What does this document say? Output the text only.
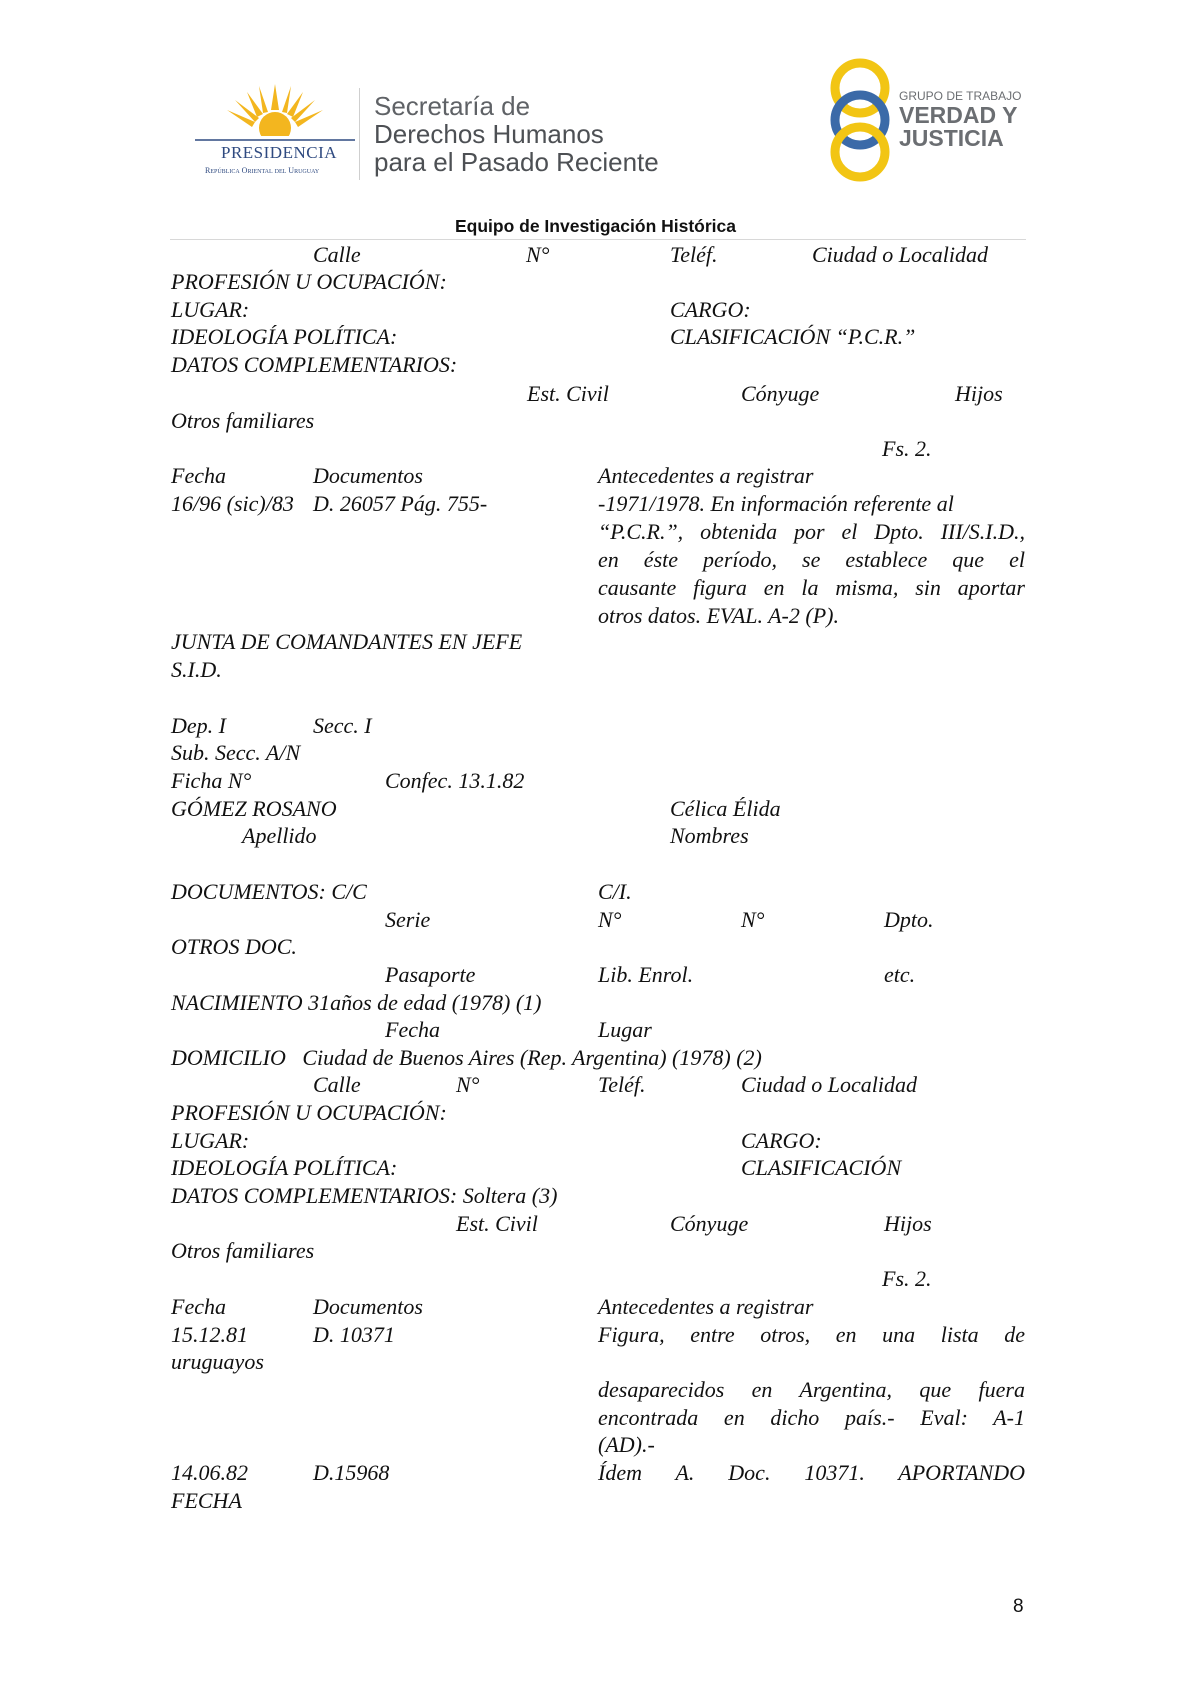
PRESIDENCIA
República Oriental del Uruguay
Secretaría de
Derechos Humanos
para el Pasado Reciente
GRUPO DE TRABAJO
VERDAD Y
JUSTICIA
Equipo de Investigación Histórica
Calle	N°	Teléf.	Ciudad o Localidad
PROFESIÓN U OCUPACIÓN:
LUGAR:	CARGO:
IDEOLOGÍA POLÍTICA:	CLASIFICACIÓN “P.C.R.”
DATOS COMPLEMENTARIOS:
Est. Civil	Cónyuge	Hijos
Otros familiares
Fs. 2.
Fecha	Documentos	Antecedentes a registrar
16/96 (sic)/83 D. 26057 Pág. 755-	-1971/1978. En información referente al
“P.C.R.”, obtenida por el Dpto. III/S.I.D.,
en éste período, se establece que el
causante figura en la misma, sin aportar
otros datos. EVAL. A-2 (P).
JUNTA DE COMANDANTES EN JEFE
S.I.D.
Dep. I	Secc. I
Sub. Secc. A/N
Ficha N°	Confec. 13.1.82
GÓMEZ ROSANO	Célica Élida
Apellido	Nombres
DOCUMENTOS: C/C	C/I.
Serie	N°	N°	Dpto.
OTROS DOC.
Pasaporte	Lib. Enrol.	etc.
NACIMIENTO 31años de edad (1978) (1)
Fecha	Lugar
DOMICILIO   Ciudad de Buenos Aires (Rep. Argentina) (1978) (2)
Calle	N°	Teléf.	Ciudad o Localidad
PROFESIÓN U OCUPACIÓN:
LUGAR:	CARGO:
IDEOLOGÍA POLÍTICA:	CLASIFICACIÓN
DATOS COMPLEMENTARIOS: Soltera (3)
Est. Civil	Cónyuge	Hijos
Otros familiares
Fs. 2.
Fecha	Documentos	Antecedentes a registrar
15.12.81	D. 10371	Figura, entre otros, en una lista de
uruguayos
desaparecidos en Argentina, que fuera
encontrada en dicho país.- Eval: A-1
(AD).-
14.06.82	D.15968	Ídem A. Doc. 10371. APORTANDO
FECHA
8
